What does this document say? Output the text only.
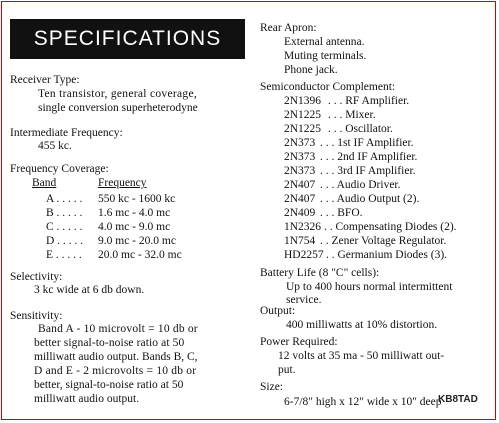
SPECIFICATIONS
Receiver Type:
Ten transistor, general coverage,
single conversion superheterodyne
Intermediate Frequency:
455 kc.
Frequency Coverage:
Band	Frequency
A . . . . . 550 kc - 1600 kc
B . . . . . 1.6 mc - 4.0 mc
C . . . . . 4.0 mc - 9.0 mc
D . . . . . 9.0 mc - 20.0 mc
E . . . . . 20.0 mc - 32.0 mc
Selectivity:
3 kc wide at 6 db down.
Sensitivity:
Band A - 10 microvolt = 10 db or
better signal-to-noise ratio at 50
milliwatt audio output. Bands B, C,
D and E - 2 microvolts = 10 db or
better, signal-to-noise ratio at 50
milliwatt audio output.
Rear Apron:
External antenna.
Muting terminals.
Phone jack.
Semiconductor Complement:
2N1396 . . . RF Amplifier.
2N1225 . . . Mixer.
2N1225 . . . Oscillator.
2N373 . . . 1st IF Amplifier.
2N373 . . . 2nd IF Amplifier.
2N373 . . . 3rd IF Amplifier.
2N407 . . . Audio Driver.
2N407 . . . Audio Output (2).
2N409 . . . BFO.
1N2326 . . Compensating Diodes (2).
1N754 . . Zener Voltage Regulator.
HD2257 . . Germanium Diodes (3).
Battery Life (8 "C" cells):
Up to 400 hours normal intermittent
service.
Output:
400 milliwatts at 10% distortion.
Power Required:
12 volts at 35 ma - 50 milliwatt out-
put.
Size:
6-7/8" high x 12" wide x 10" deep
KB8TAD
